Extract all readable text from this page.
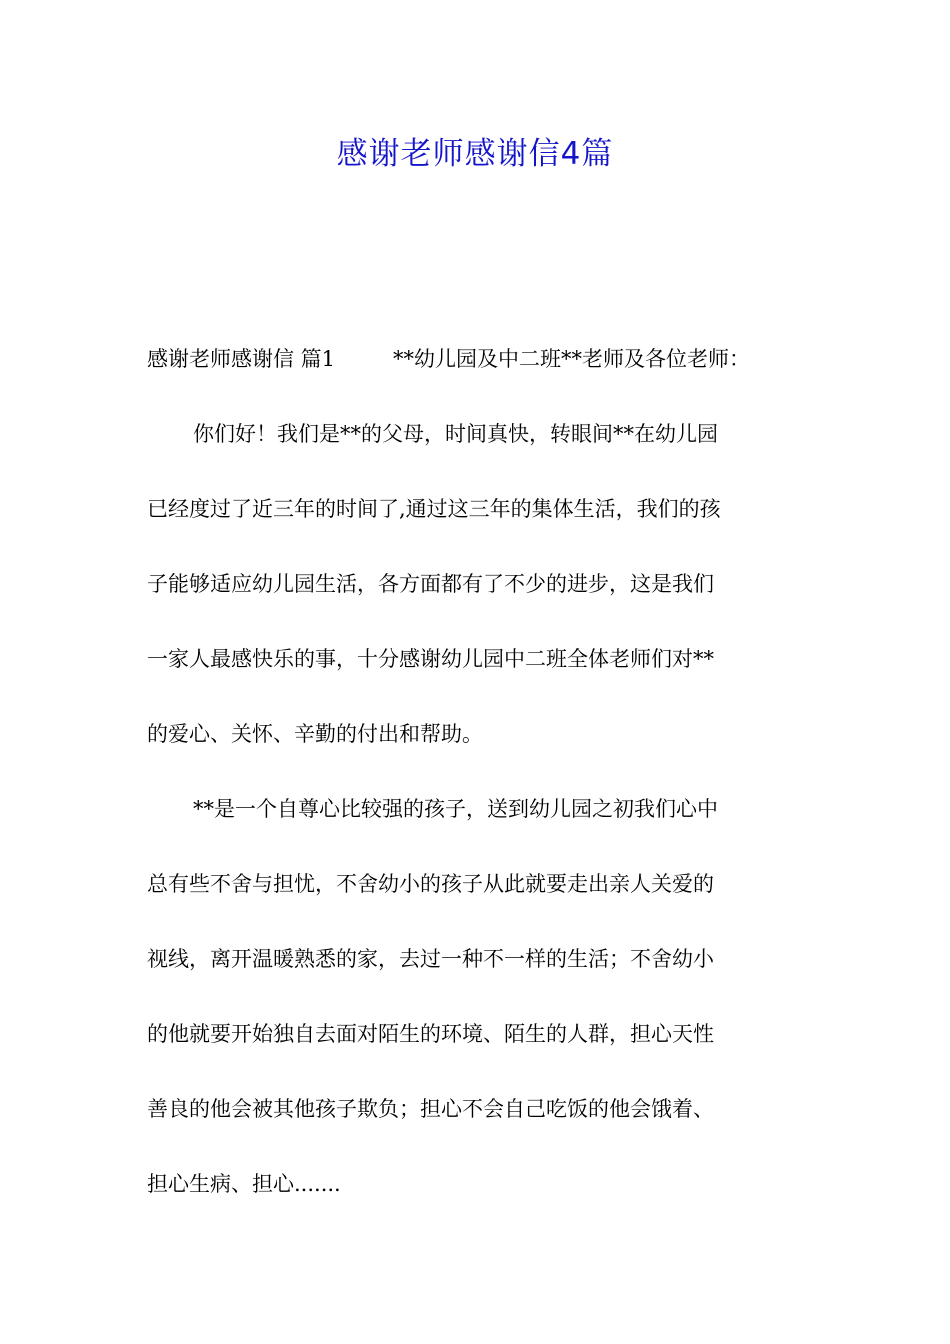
感谢老师感谢信4篇

感谢老师感谢信 篇1	**幼儿园及中二班**老师及各位老师：

你们好！我们是**的父母，时间真快，转眼间**在幼儿园

已经度过了近三年的时间了,通过这三年的集体生活，我们的孩

子能够适应幼儿园生活，各方面都有了不少的进步，这是我们

一家人最感快乐的事，十分感谢幼儿园中二班全体老师们对**

的爱心、关怀、辛勤的付出和帮助。

**是一个自尊心比较强的孩子，送到幼儿园之初我们心中

总有些不舍与担忧，不舍幼小的孩子从此就要走出亲人关爱的

视线，离开温暖熟悉的家，去过一种不一样的生活；不舍幼小

的他就要开始独自去面对陌生的环境、陌生的人群，担心天性

善良的他会被其他孩子欺负；担心不会自己吃饭的他会饿着、

担心生病、担心.......
